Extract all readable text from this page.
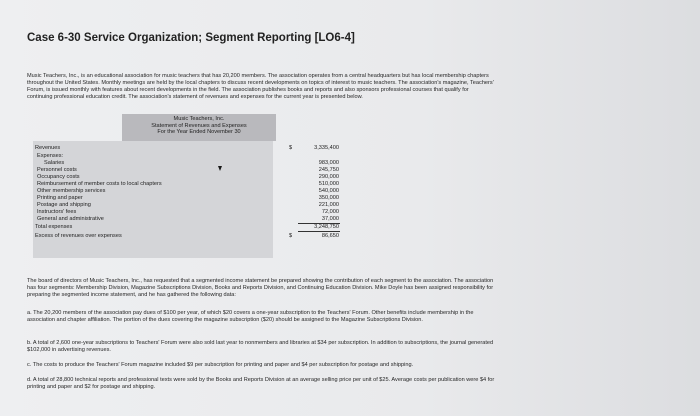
Case 6-30 Service Organization; Segment Reporting [LO6-4]
Music Teachers, Inc., is an educational association for music teachers that has 20,200 members. The association operates from a central headquarters but has local membership chapters
throughout the United States. Monthly meetings are held by the local chapters to discuss recent developments on topics of interest to music teachers. The association's magazine, Teachers'
Forum, is issued monthly with features about recent developments in the field. The association publishes books and reports and also sponsors professional courses that qualify for
continuing professional education credit. The association's statement of revenues and expenses for the current year is presented below.
Music Teachers, Inc.
Statement of Revenues and Expenses
For the Year Ended November 30
Revenues	$	3,335,400
Expenses:
Salaries	983,000
Personnel costs	245,750
Occupancy costs	290,000
Reimbursement of member costs to local chapters	510,000
Other membership services	540,000
Printing and paper	350,000
Postage and shipping	221,000
Instructors' fees	72,000
General and administrative	37,000
Total expenses	3,248,750
Excess of revenues over expenses	$	86,650
The board of directors of Music Teachers, Inc., has requested that a segmented income statement be prepared showing the contribution of each segment to the association. The association
has four segments: Membership Division, Magazine Subscriptions Division, Books and Reports Division, and Continuing Education Division. Mike Doyle has been assigned responsibility for
preparing the segmented income statement, and he has gathered the following data:
a. The 20,200 members of the association pay dues of $100 per year, of which $20 covers a one-year subscription to the Teachers' Forum. Other benefits include membership in the
association and chapter affiliation. The portion of the dues covering the magazine subscription ($20) should be assigned to the Magazine Subscriptions Division.
b. A total of 2,600 one-year subscriptions to Teachers' Forum were also sold last year to nonmembers and libraries at $34 per subscription. In addition to subscriptions, the journal generated
$102,000 in advertising revenues.
c. The costs to produce the Teachers' Forum magazine included $9 per subscription for printing and paper and $4 per subscription for postage and shipping.
d. A total of 28,800 technical reports and professional texts were sold by the Books and Reports Division at an average selling price per unit of $25. Average costs per publication were $4 for
printing and paper and $2 for postage and shipping.
